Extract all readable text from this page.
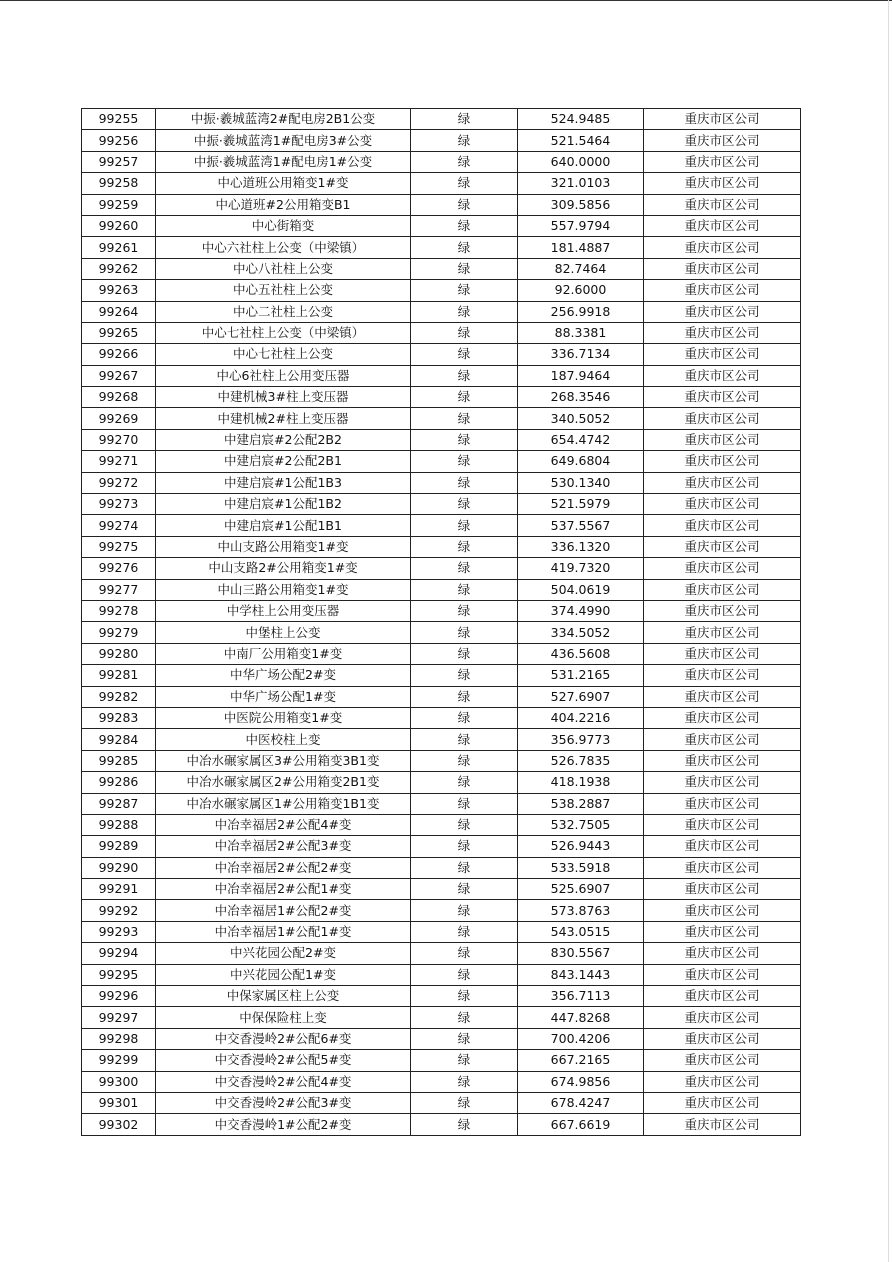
99255	中振·羲城蓝湾2#配电房2B1公变	绿	524.9485	重庆市区公司
99256	中振·羲城蓝湾1#配电房3#公变	绿	521.5464	重庆市区公司
99257	中振·羲城蓝湾1#配电房1#公变	绿	640.0000	重庆市区公司
99258	中心道班公用箱变1#变	绿	321.0103	重庆市区公司
99259	中心道班#2公用箱变B1	绿	309.5856	重庆市区公司
99260	中心街箱变	绿	557.9794	重庆市区公司
99261	中心六社柱上公变（中梁镇）	绿	181.4887	重庆市区公司
99262	中心八社柱上公变	绿	82.7464	重庆市区公司
99263	中心五社柱上公变	绿	92.6000	重庆市区公司
99264	中心二社柱上公变	绿	256.9918	重庆市区公司
99265	中心七社柱上公变（中梁镇）	绿	88.3381	重庆市区公司
99266	中心七社柱上公变	绿	336.7134	重庆市区公司
99267	中心6社柱上公用变压器	绿	187.9464	重庆市区公司
99268	中建机械3#柱上变压器	绿	268.3546	重庆市区公司
99269	中建机械2#柱上变压器	绿	340.5052	重庆市区公司
99270	中建启宸#2公配2B2	绿	654.4742	重庆市区公司
99271	中建启宸#2公配2B1	绿	649.6804	重庆市区公司
99272	中建启宸#1公配1B3	绿	530.1340	重庆市区公司
99273	中建启宸#1公配1B2	绿	521.5979	重庆市区公司
99274	中建启宸#1公配1B1	绿	537.5567	重庆市区公司
99275	中山支路公用箱变1#变	绿	336.1320	重庆市区公司
99276	中山支路2#公用箱变1#变	绿	419.7320	重庆市区公司
99277	中山三路公用箱变1#变	绿	504.0619	重庆市区公司
99278	中学柱上公用变压器	绿	374.4990	重庆市区公司
99279	中堡柱上公变	绿	334.5052	重庆市区公司
99280	中南厂公用箱变1#变	绿	436.5608	重庆市区公司
99281	中华广场公配2#变	绿	531.2165	重庆市区公司
99282	中华广场公配1#变	绿	527.6907	重庆市区公司
99283	中医院公用箱变1#变	绿	404.2216	重庆市区公司
99284	中医校柱上变	绿	356.9773	重庆市区公司
99285	中冶水碾家属区3#公用箱变3B1变	绿	526.7835	重庆市区公司
99286	中冶水碾家属区2#公用箱变2B1变	绿	418.1938	重庆市区公司
99287	中冶水碾家属区1#公用箱变1B1变	绿	538.2887	重庆市区公司
99288	中冶幸福居2#公配4#变	绿	532.7505	重庆市区公司
99289	中冶幸福居2#公配3#变	绿	526.9443	重庆市区公司
99290	中冶幸福居2#公配2#变	绿	533.5918	重庆市区公司
99291	中冶幸福居2#公配1#变	绿	525.6907	重庆市区公司
99292	中冶幸福居1#公配2#变	绿	573.8763	重庆市区公司
99293	中冶幸福居1#公配1#变	绿	543.0515	重庆市区公司
99294	中兴花园公配2#变	绿	830.5567	重庆市区公司
99295	中兴花园公配1#变	绿	843.1443	重庆市区公司
99296	中保家属区柱上公变	绿	356.7113	重庆市区公司
99297	中保保险柱上变	绿	447.8268	重庆市区公司
99298	中交香漫岭2#公配6#变	绿	700.4206	重庆市区公司
99299	中交香漫岭2#公配5#变	绿	667.2165	重庆市区公司
99300	中交香漫岭2#公配4#变	绿	674.9856	重庆市区公司
99301	中交香漫岭2#公配3#变	绿	678.4247	重庆市区公司
99302	中交香漫岭1#公配2#变	绿	667.6619	重庆市区公司
